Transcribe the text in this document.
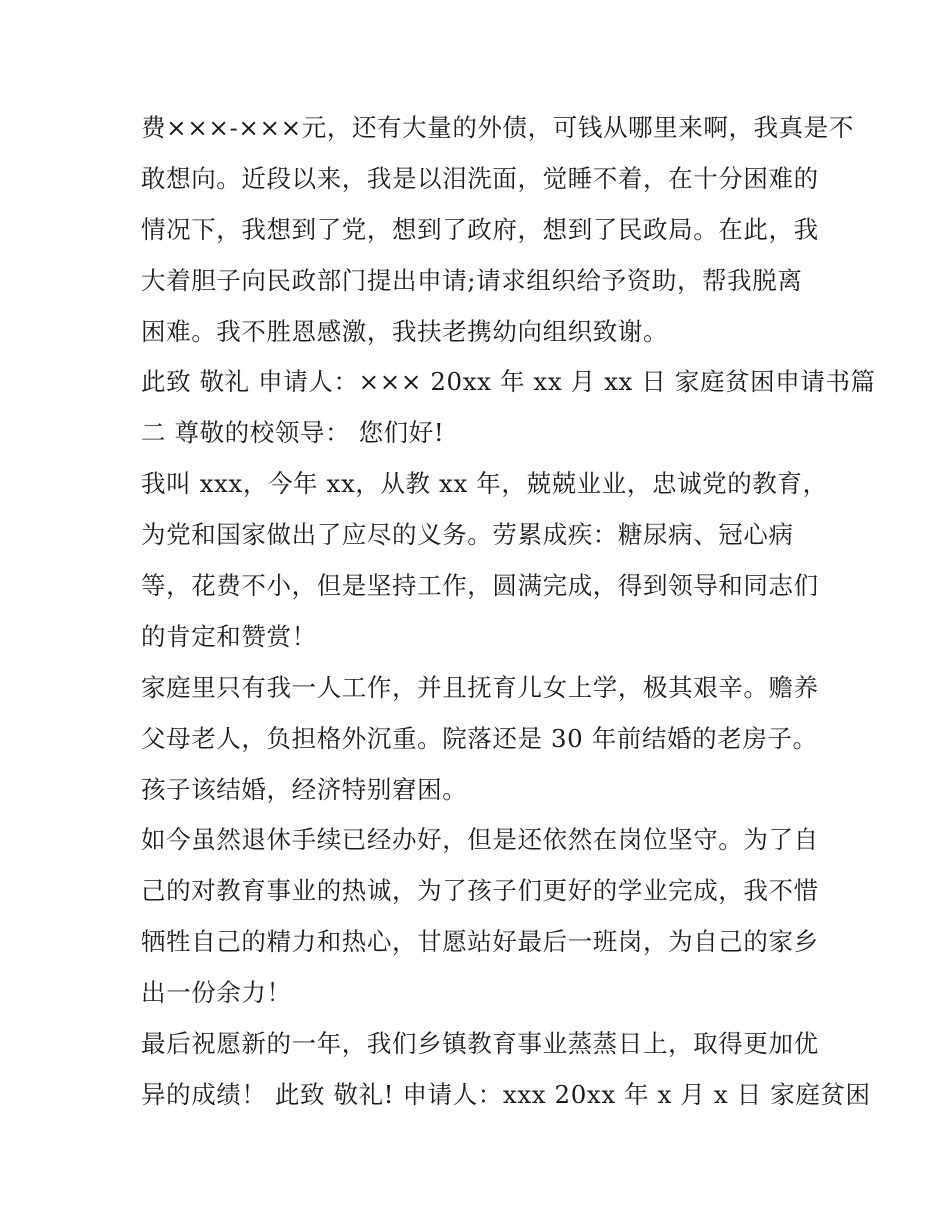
费×××-×××元，还有大量的外债，可钱从哪里来啊，我真是不
敢想向。近段以来，我是以泪洗面，觉睡不着，在十分困难的
情况下，我想到了党，想到了政府，想到了民政局。在此，我
大着胆子向民政部门提出申请;请求组织给予资助，帮我脱离
困难。我不胜恩感激，我扶老携幼向组织致谢。
此致 敬礼 申请人：××× 20xx 年 xx 月 xx 日 家庭贫困申请书篇
二 尊敬的校领导： 您们好!
我叫 xxx，今年 xx，从教 xx 年，兢兢业业，忠诚党的教育，
为党和国家做出了应尽的义务。劳累成疾：糖尿病、冠心病
等，花费不小，但是坚持工作，圆满完成，得到领导和同志们
的肯定和赞赏！
家庭里只有我一人工作，并且抚育儿女上学，极其艰辛。赡养
父母老人，负担格外沉重。院落还是 30 年前结婚的老房子。
孩子该结婚，经济特别窘困。
如今虽然退休手续已经办好，但是还依然在岗位坚守。为了自
己的对教育事业的热诚，为了孩子们更好的学业完成，我不惜
牺牲自己的精力和热心，甘愿站好最后一班岗，为自己的家乡
出一份余力！
最后祝愿新的一年，我们乡镇教育事业蒸蒸日上，取得更加优
异的成绩！ 此致 敬礼! 申请人：xxx 20xx 年 x 月 x 日 家庭贫困
